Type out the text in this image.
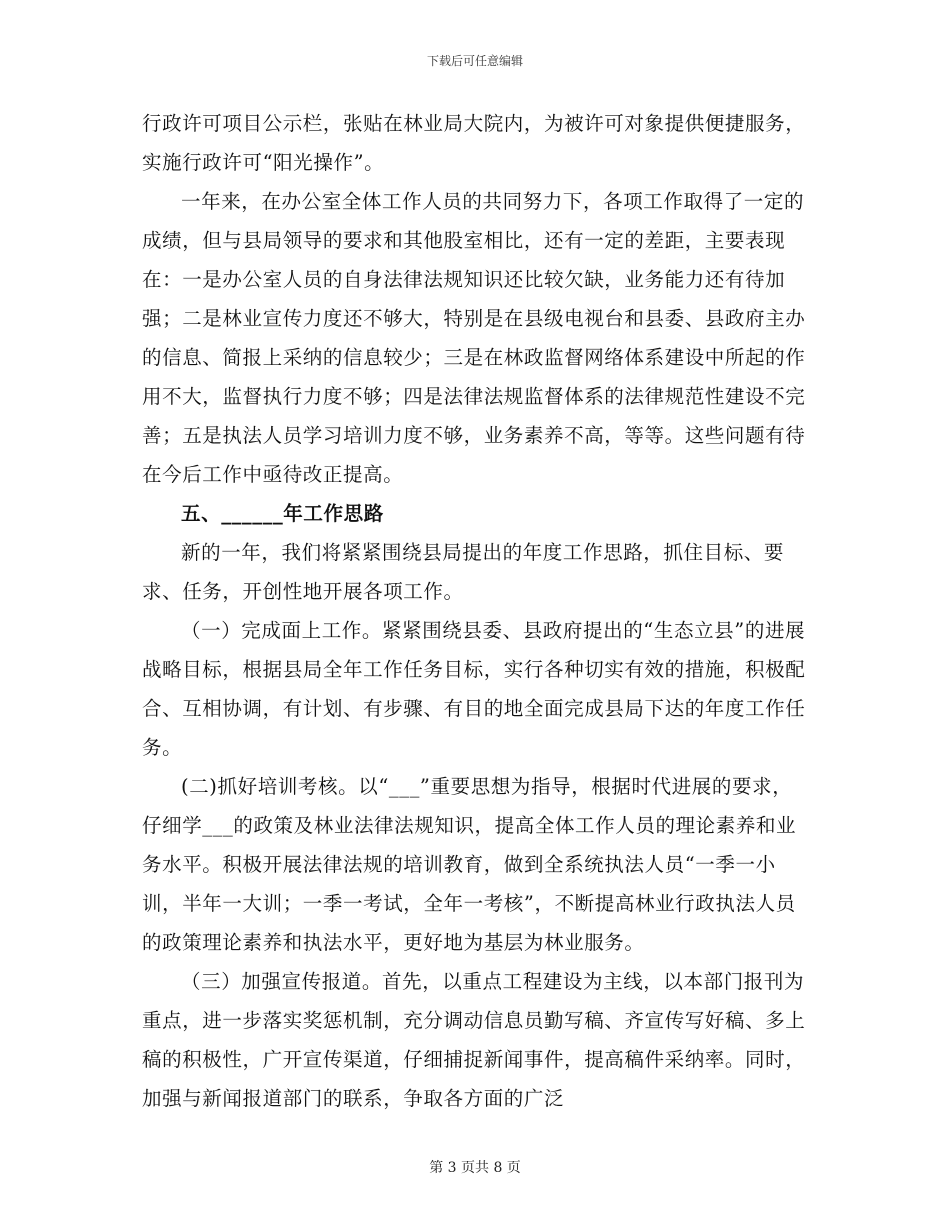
下载后可任意编辑

行政许可项目公示栏，张贴在林业局大院内，为被许可对象提供便捷服务，实施行政许可“阳光操作”。

一年来，在办公室全体工作人员的共同努力下，各项工作取得了一定的成绩，但与县局领导的要求和其他股室相比，还有一定的差距，主要表现在：一是办公室人员的自身法律法规知识还比较欠缺，业务能力还有待加强；二是林业宣传力度还不够大，特别是在县级电视台和县委、县政府主办的信息、简报上采纳的信息较少；三是在林政监督网络体系建设中所起的作用不大，监督执行力度不够；四是法律法规监督体系的法律规范性建设不完善；五是执法人员学习培训力度不够，业务素养不高，等等。这些问题有待在今后工作中亟待改正提高。

五、______年工作思路

新的一年，我们将紧紧围绕县局提出的年度工作思路，抓住目标、要求、任务，开创性地开展各项工作。

（一）完成面上工作。紧紧围绕县委、县政府提出的“生态立县”的进展战略目标，根据县局全年工作任务目标，实行各种切实有效的措施，积极配合、互相协调，有计划、有步骤、有目的地全面完成县局下达的年度工作任务。

(二)抓好培训考核。以“___”重要思想为指导，根据时代进展的要求，仔细学___的政策及林业法律法规知识，提高全体工作人员的理论素养和业务水平。积极开展法律法规的培训教育，做到全系统执法人员“一季一小训，半年一大训；一季一考试，全年一考核”，不断提高林业行政执法人员的政策理论素养和执法水平，更好地为基层为林业服务。

（三）加强宣传报道。首先，以重点工程建设为主线，以本部门报刊为重点，进一步落实奖惩机制，充分调动信息员勤写稿、齐宣传写好稿、多上稿的积极性，广开宣传渠道，仔细捕捉新闻事件，提高稿件采纳率。同时，加强与新闻报道部门的联系，争取各方面的广泛

第 3 页共 8 页
